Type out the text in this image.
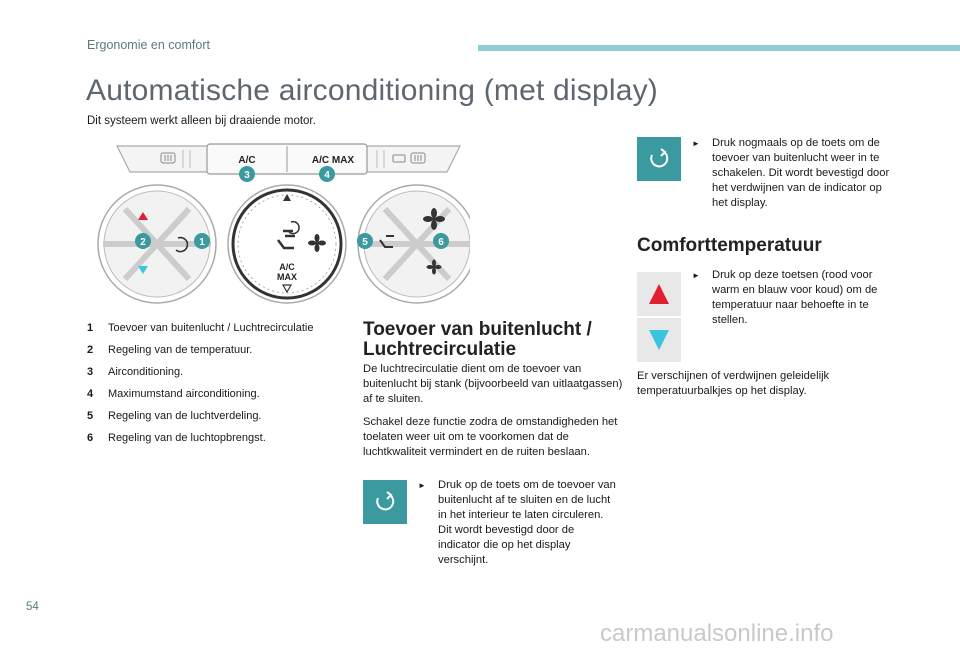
Ergonomie en comfort
Automatische airconditioning (met display)
Dit systeem werkt alleen bij draaiende motor.
A/C	A/C MAX
A/C
MAX
1
2
3	4
5	6
1	Toevoer van buitenlucht / Luchtrecirculatie
2	Regeling van de temperatuur.
3	Airconditioning.
4	Maximumstand airconditioning.
5	Regeling van de luchtverdeling.
6	Regeling van de luchtopbrengst.
Toevoer van buitenlucht /
Luchtrecirculatie
De luchtrecirculatie dient om de toevoer van buitenlucht bij stank (bijvoorbeeld van uitlaatgassen) af te sluiten.
Schakel deze functie zodra de omstandigheden het toelaten weer uit om te voorkomen dat de luchtkwaliteit vermindert en de ruiten beslaan.
►	Druk op de toets om de toevoer van buitenlucht af te sluiten en de lucht in het interieur te laten circuleren. Dit wordt bevestigd door de indicator die op het display verschijnt.
►	Druk nogmaals op de toets om de toevoer van buitenlucht weer in te schakelen. Dit wordt bevestigd door het verdwijnen van de indicator op het display.
Comforttemperatuur
►	Druk op deze toetsen (rood voor warm en blauw voor koud) om de temperatuur naar behoefte in te stellen.
Er verschijnen of verdwijnen geleidelijk temperatuurbalkjes op het display.
54
carmanualsonline.info
